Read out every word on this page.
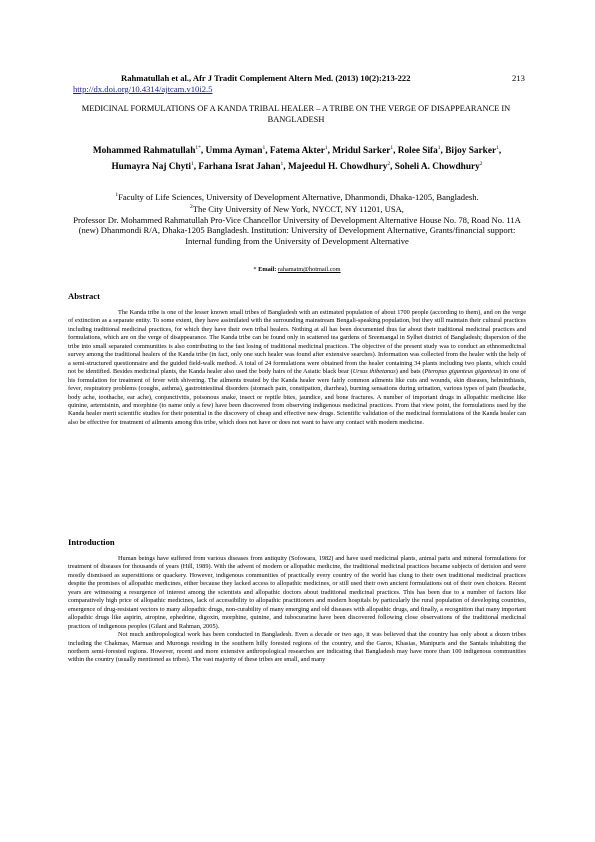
Rahmatullah et al., Afr J Tradit Complement Altern Med. (2013) 10(2):213-222	213
http://dx.doi.org/10.4314/ajtcam.v10i2.5
MEDICINAL FORMULATIONS OF A KANDA TRIBAL HEALER – A TRIBE ON THE VERGE OF DISAPPEARANCE IN BANGLADESH
Mohammed Rahmatullah$^{1*}$, Umma Ayman$^1$, Fatema Akter$^1$, Mridul Sarker$^1$, Rolee Sifa$^1$, Bijoy Sarker$^1$, Humayra Naj Chyti$^1$, Farhana Israt Jahan$^1$, Majeedul H. Chowdhury$^2$, Soheli A. Chowdhury$^2$
$^1$Faculty of Life Sciences, University of Development Alternative, Dhanmondi, Dhaka-1205, Bangladesh.
$^2$The City University of New York, NYCCT, NY 11201, USA,
Professor Dr. Mohammed Rahmatullah Pro-Vice Chancellor University of Development Alternative House No. 78, Road No. 11A (new) Dhanmondi R/A, Dhaka-1205 Bangladesh. Institution: University of Development Alternative, Grants/financial support: Internal funding from the University of Development Alternative
* Email: rahamatm@hotmail.com
Abstract

The Kanda tribe is one of the lesser known small tribes of Bangladesh with an estimated population of about 1700 people (according to them), and on the verge of extinction as a separate entity. To some extent, they have assimilated with the surrounding mainstream Bengali-speaking population, but they still maintain their cultural practices including traditional medicinal practices, for which they have their own tribal healers. Nothing at all has been documented thus far about their traditional medicinal practices and formulations, which are on the verge of disappearance. The Kanda tribe can be found only in scattered tea gardens of Sreemangal in Sylhet district of Bangladesh; dispersion of the tribe into small separated communities is also contributing to the fast losing of traditional medicinal practices. The objective of the present study was to conduct an ethnomedicinal survey among the traditional healers of the Kanda tribe (in fact, only one such healer was found after extensive searches). Information was collected from the healer with the help of a semi-structured questionnaire and the guided field-walk method. A total of 24 formulations were obtained from the healer containing 34 plants including two plants, which could not be identified. Besides medicinal plants, the Kanda healer also used the body hairs of the Asiatic black bear (Ursus thibetanus) and bats (Pteropus giganteus giganteus) in one of his formulation for treatment of fever with shivering. The ailments treated by the Kanda healer were fairly common ailments like cuts and wounds, skin diseases, helminthiasis, fever, respiratory problems (coughs, asthma), gastrointestinal disorders (stomach pain, constipation, diarrhea), burning sensations during urination, various types of pain (headache, body ache, toothache, ear ache), conjunctivitis, poisonous snake, insect or reptile bites, jaundice, and bone fractures. A number of important drugs in allopathic medicine like quinine, artemisinin, and morphine (to name only a few) have been discovered from observing indigenous medicinal practices. From that view point, the formulations used by the Kanda healer merit scientific studies for their potential in the discovery of cheap and effective new drugs. Scientific validation of the medicinal formulations of the Kanda healer can also be effective for treatment of ailments among this tribe, which does not have or does not want to have any contact with modern medicine.

Introduction

Human beings have suffered from various diseases from antiquity (Sofowara, 1982) and have used medicinal plants, animal parts and mineral formulations for treatment of diseases for thousands of years (Hill, 1989). With the advent of modern or allopathic medicine, the traditional medicinal practices became subjects of derision and were mostly dismissed as superstitions or quackery. However, indigenous communities of practically every country of the world has clung to their own traditional medicinal practices despite the promises of allopathic medicines, either because they lacked access to allopathic medicines, or still used their own ancient formulations out of their own choices. Recent years are witnessing a resurgence of interest among the scientists and allopathic doctors about traditional medicinal practices. This has been due to a number of factors like comparatively high price of allopathic medicines, lack of accessibility to allopathic practitioners and modern hospitals by particularly the rural population of developing countries, emergence of drug-resistant vectors to many allopathic drugs, non-curability of many emerging and old diseases with allopathic drugs, and finally, a recognition that many important allopathic drugs like aspirin, atropine, ephedrine, digoxin, morphine, quinine, and tubocurarine have been discovered following close observations of the traditional medicinal practices of indigenous peoples (Gilani and Rahman, 2005).

Not much anthropological work has been conducted in Bangladesh. Even a decade or two ago, it was believed that the country has only about a dozen tribes including the Chakmas, Marmas and Murongs residing in the southern hilly forested regions of the country, and the Garos, Khasias, Manipuris and the Santals inhabiting the northern semi-forested regions. However, recent and more extensive anthropological researches are indicating that Bangladesh may have more than 100 indigenous communities within the country (usually mentioned as tribes). The vast majority of these tribes are small, and many
